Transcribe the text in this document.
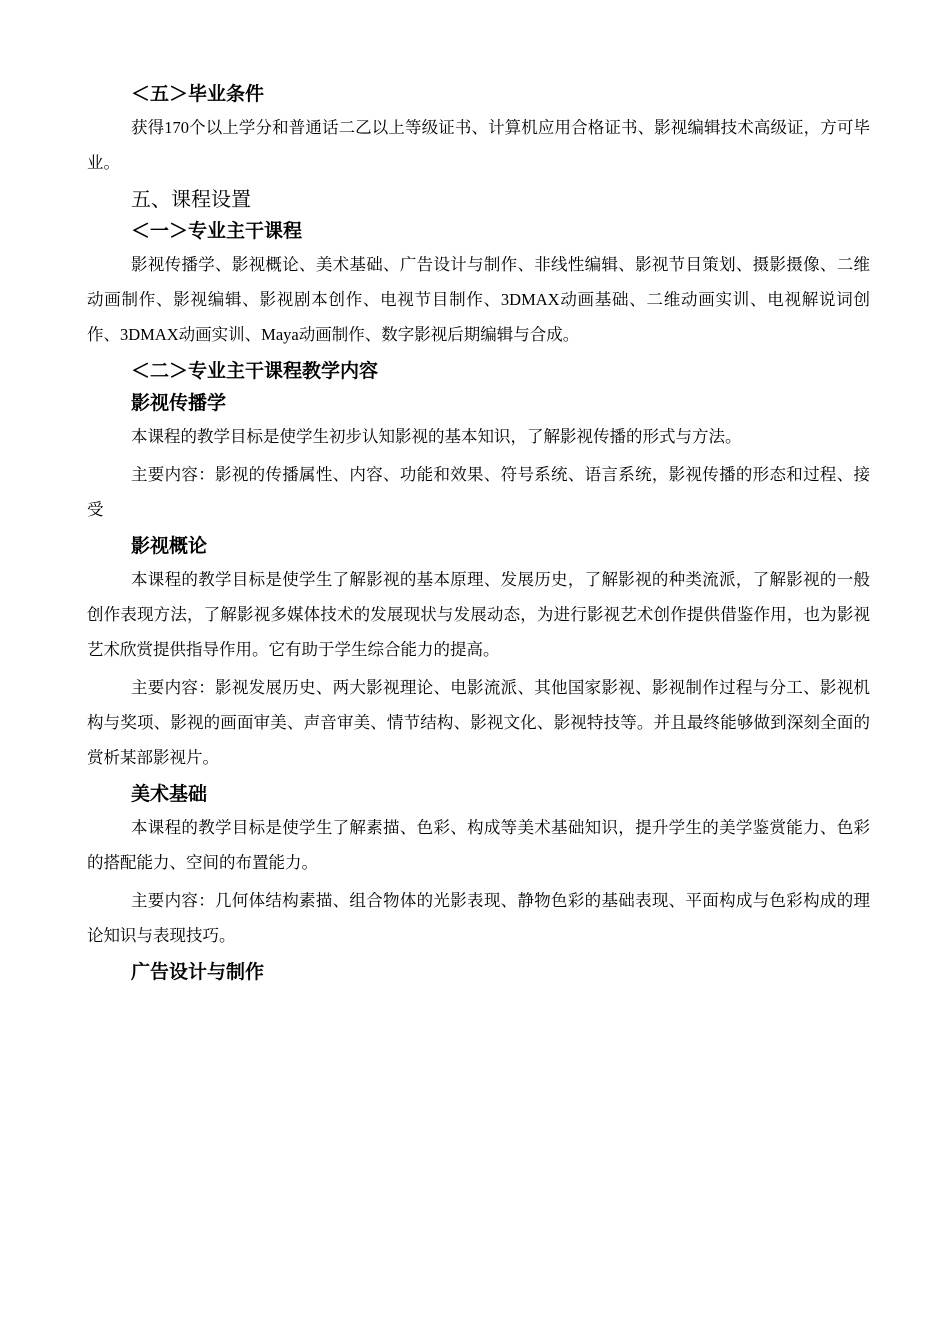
＜五＞毕业条件

获得170个以上学分和普通话二乙以上等级证书、计算机应用合格证书、影视编辑技术高级证，方可毕业。

五、课程设置
＜一＞专业主干课程

影视传播学、影视概论、美术基础、广告设计与制作、非线性编辑、影视节目策划、摄影摄像、二维动画制作、影视编辑、影视剧本创作、电视节目制作、3DMAX动画基础、二维动画实训、电视解说词创作、3DMAX动画实训、Maya动画制作、数字影视后期编辑与合成。

＜二＞专业主干课程教学内容
影视传播学

本课程的教学目标是使学生初步认知影视的基本知识，了解影视传播的形式与方法。

主要内容：影视的传播属性、内容、功能和效果、符号系统、语言系统，影视传播的形态和过程、接受

影视概论

本课程的教学目标是使学生了解影视的基本原理、发展历史，了解影视的种类流派，了解影视的一般创作表现方法，了解影视多媒体技术的发展现状与发展动态，为进行影视艺术创作提供借鉴作用，也为影视艺术欣赏提供指导作用。它有助于学生综合能力的提高。

主要内容：影视发展历史、两大影视理论、电影流派、其他国家影视、影视制作过程与分工、影视机构与奖项、影视的画面审美、声音审美、情节结构、影视文化、影视特技等。并且最终能够做到深刻全面的赏析某部影视片。

美术基础

本课程的教学目标是使学生了解素描、色彩、构成等美术基础知识，提升学生的美学鉴赏能力、色彩的搭配能力、空间的布置能力。

主要内容：几何体结构素描、组合物体的光影表现、静物色彩的基础表现、平面构成与色彩构成的理论知识与表现技巧。

广告设计与制作
